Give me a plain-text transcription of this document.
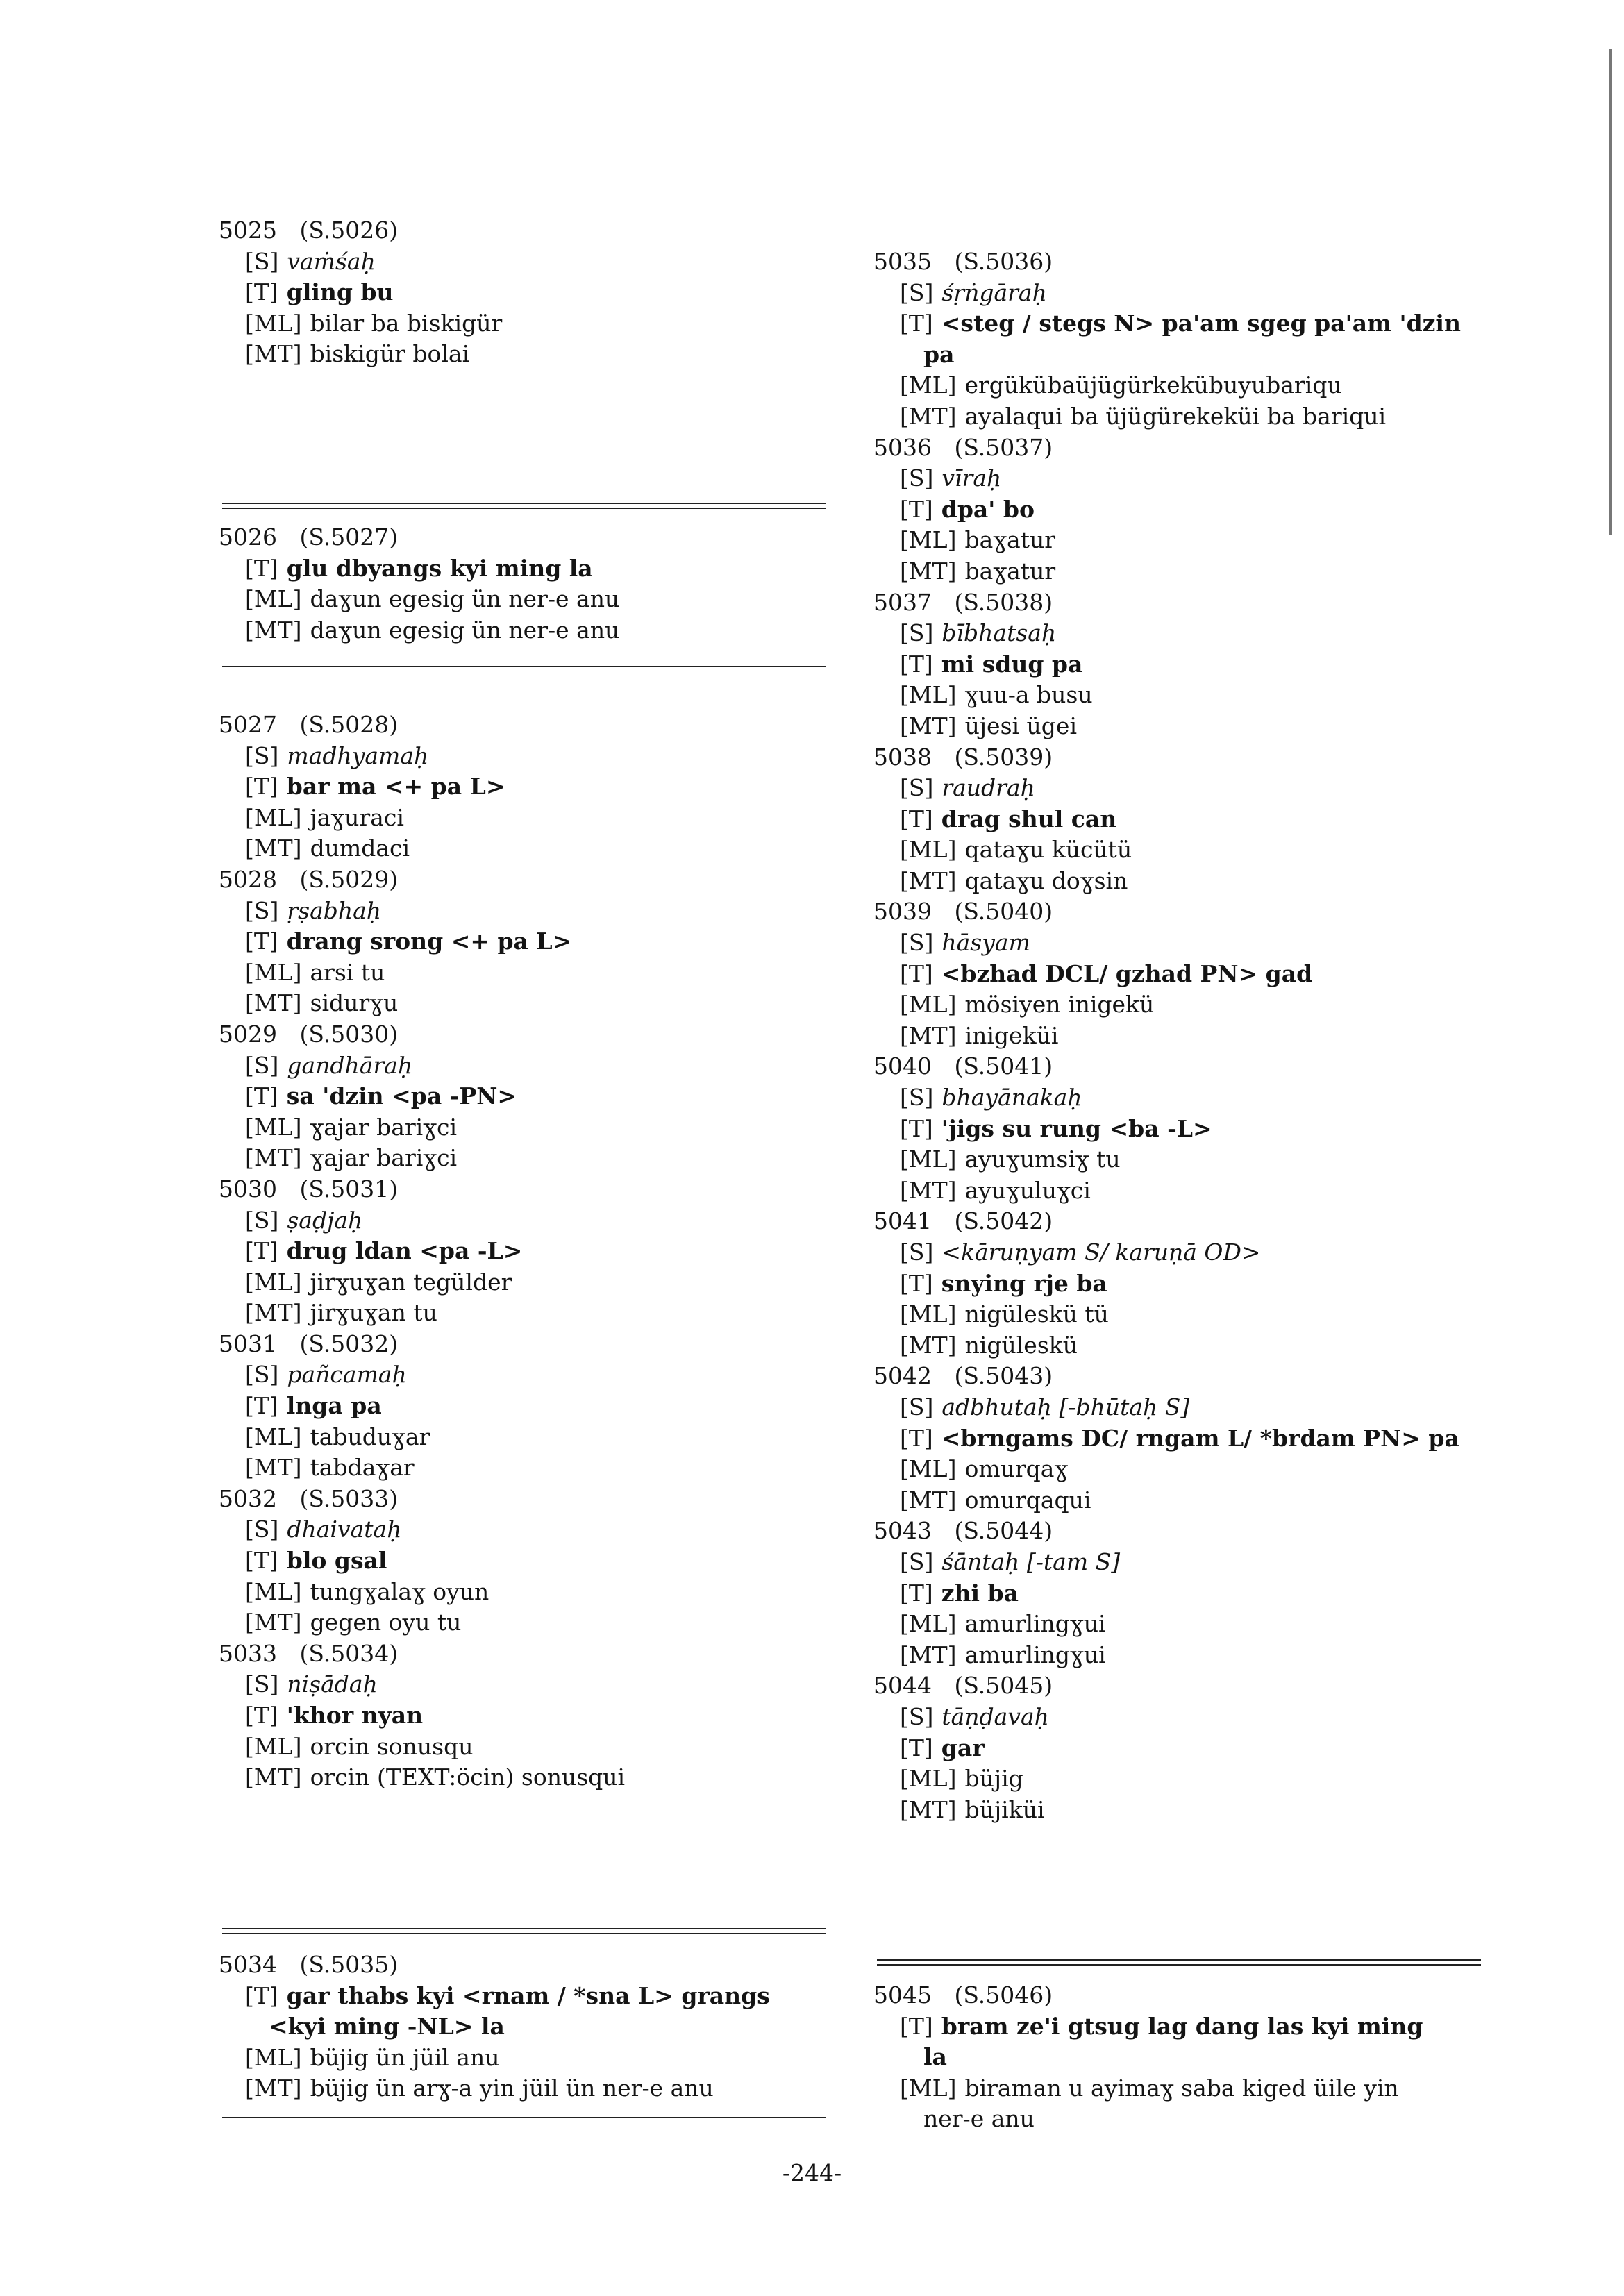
5025 (S.5026)
[S] vaṁśaḥ
[T] gling bu
[ML] bilar ba biskigür
[MT] biskigür bolai
5026 (S.5027)
[T] glu dbyangs kyi ming la
[ML] daɣun egesig ün ner-e anu
[MT] daɣun egesig ün ner-e anu
5027 (S.5028)
[S] madhyamaḥ
[T] bar ma <+ pa L>
[ML] jaɣuraci
[MT] dumdaci
5028 (S.5029)
[S] ṛṣabhaḥ
[T] drang srong <+ pa L>
[ML] arsi tu
[MT] sidurɣu
5029 (S.5030)
[S] gandhāraḥ
[T] sa 'dzin <pa -PN>
[ML] ɣajar bariɣci
[MT] ɣajar bariɣci
5030 (S.5031)
[S] ṣaḍjaḥ
[T] drug ldan <pa -L>
[ML] jirɣuɣan tegülder
[MT] jirɣuɣan tu
5031 (S.5032)
[S] pañcamaḥ
[T] lnga pa
[ML] tabuduɣar
[MT] tabdaɣar
5032 (S.5033)
[S] dhaivataḥ
[T] blo gsal
[ML] tungɣalaɣ oyun
[MT] gegen oyu tu
5033 (S.5034)
[S] niṣādaḥ
[T] 'khor nyan
[ML] orcin sonusqu
[MT] orcin (TEXT:öcin) sonusqui
5034 (S.5035)
[T] gar thabs kyi <rnam / *sna L> grangs
<kyi ming -NL> la
[ML] büjig ün jüil anu
[MT] büjig ün arɣ-a yin jüil ün ner-e anu
5035 (S.5036)
[S] śṛṅgāraḥ
[T] <steg / stegs N> pa'am sgeg pa'am 'dzin
pa
[ML] ergükübaüjügürkekübuyubariqu
[MT] ayalaqui ba üjügürekeküi ba bariqui
5036 (S.5037)
[S] vīraḥ
[T] dpa' bo
[ML] baɣatur
[MT] baɣatur
5037 (S.5038)
[S] bībhatsaḥ
[T] mi sdug pa
[ML] ɣuu-a busu
[MT] üjesi ügei
5038 (S.5039)
[S] raudraḥ
[T] drag shul can
[ML] qataɣu kücütü
[MT] qataɣu doɣsin
5039 (S.5040)
[S] hāsyam
[T] <bzhad DCL/ gzhad PN> gad
[ML] mösiyen inigekü
[MT] inigeküi
5040 (S.5041)
[S] bhayānakaḥ
[T] 'jigs su rung <ba -L>
[ML] ayuɣumsiɣ tu
[MT] ayuɣuluɣci
5041 (S.5042)
[S] <kāruṇyam S/ karuṇā OD>
[T] snying rje ba
[ML] nigüleskü tü
[MT] nigüleskü
5042 (S.5043)
[S] adbhutaḥ [-bhūtaḥ S]
[T] <brngams DC/ rngam L/ *brdam PN> pa
[ML] omurqaɣ
[MT] omurqaqui
5043 (S.5044)
[S] śāntaḥ [-tam S]
[T] zhi ba
[ML] amurlingɣui
[MT] amurlingɣui
5044 (S.5045)
[S] tāṇḍavaḥ
[T] gar
[ML] büjig
[MT] büjiküi
5045 (S.5046)
[T] bram ze'i gtsug lag dang las kyi ming
la
[ML] biraman u ayimaɣ saba kiged üile yin
ner-e anu
-244-
